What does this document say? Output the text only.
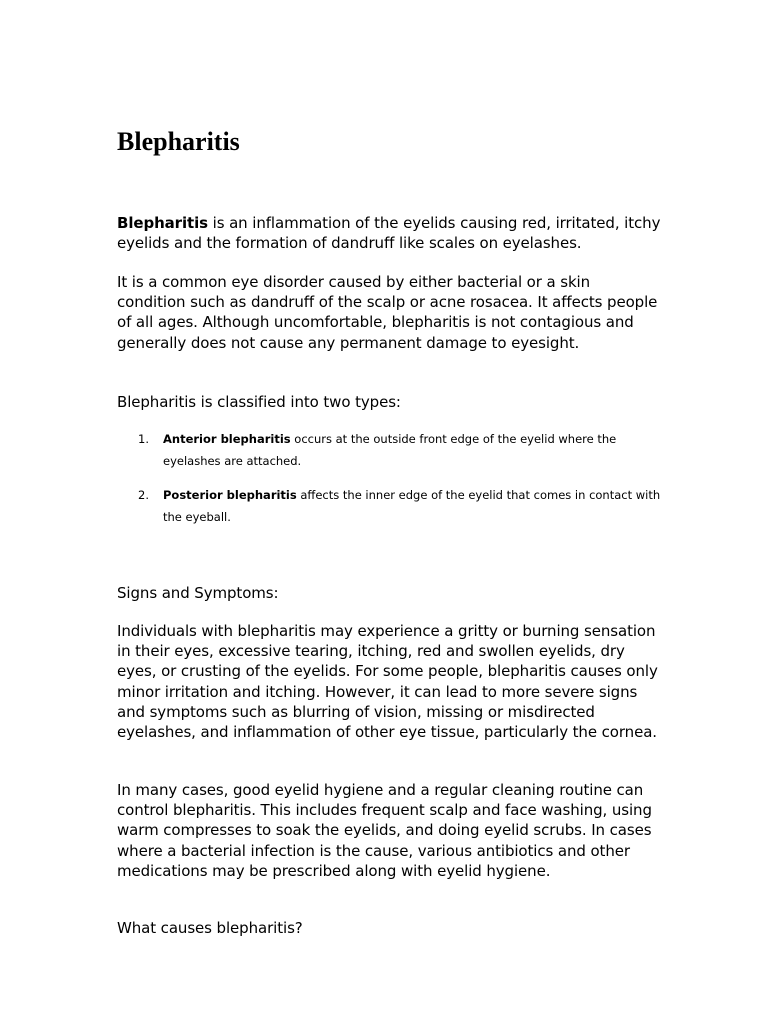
Blepharitis

Blepharitis is an inflammation of the eyelids causing red, irritated, itchy eyelids and the formation of dandruff like scales on eyelashes.

It is a common eye disorder caused by either bacterial or a skin condition such as dandruff of the scalp or acne rosacea. It affects people of all ages. Although uncomfortable, blepharitis is not contagious and generally does not cause any permanent damage to eyesight.

Blepharitis is classified into two types:

1. Anterior blepharitis occurs at the outside front edge of the eyelid where the eyelashes are attached.
2. Posterior blepharitis affects the inner edge of the eyelid that comes in contact with the eyeball.

Signs and Symptoms:

Individuals with blepharitis may experience a gritty or burning sensation in their eyes, excessive tearing, itching, red and swollen eyelids, dry eyes, or crusting of the eyelids. For some people, blepharitis causes only minor irritation and itching. However, it can lead to more severe signs and symptoms such as blurring of vision, missing or misdirected eyelashes, and inflammation of other eye tissue, particularly the cornea.

In many cases, good eyelid hygiene and a regular cleaning routine can control blepharitis. This includes frequent scalp and face washing, using warm compresses to soak the eyelids, and doing eyelid scrubs. In cases where a bacterial infection is the cause, various antibiotics and other medications may be prescribed along with eyelid hygiene.

What causes blepharitis?
